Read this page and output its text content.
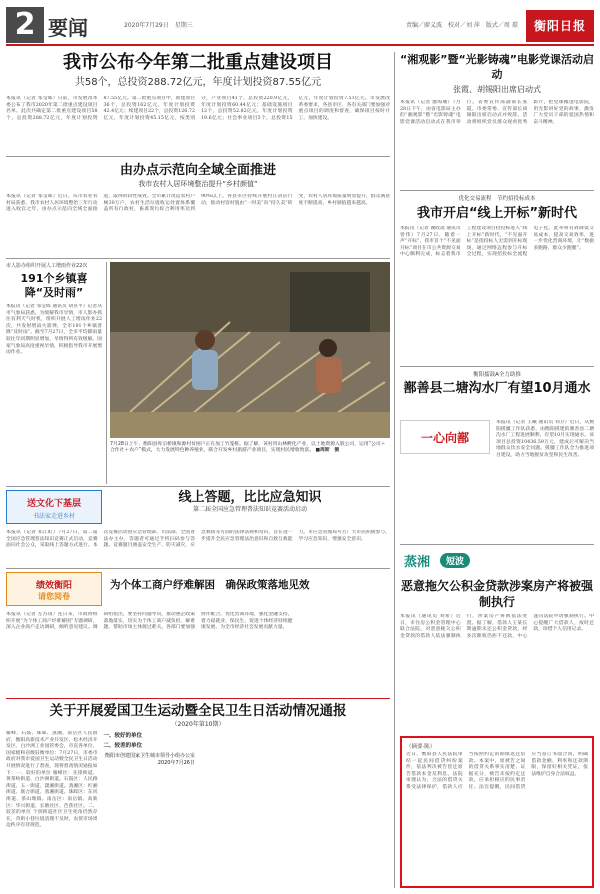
2 要闻	2020年7月29日　星期三	责编／廖义波　校对／刘 萍　版式／周 璟	衡阳日报
我市公布今年第二批重点建设项目
共58个，总投资288.72亿元，年度计划投资87.55亿元
本报讯（记者 邹莹晖）日前，市发展改革委公布了我市2020年第二批重点建设项目名单。此次共确定第二批重点建设项目58个，总投资288.72亿元，年度计划投资87.55亿元。第二批重点项目中，新建项目36个，总投资162亿元，年度计划投资42.4亿元；续建项目22个，总投资126.72亿元，年度计划投资45.15亿元。按类别分，产业项目41个，总投资220.9亿元，年度计划投资60.44亿元；基础设施项目12个，总投资52.82亿元，年度计划投资19.6亿元；社会事业项目5个，总投资15亿元，年度计划投资7.51亿元。市发展改革委要求，各县市区、各有关部门要加强对重点项目的调度和督查，确保项目按时开工、加快建设。
由办点示范向全域全面推进
我市农村人居环境整治提升“乡村颜值”
本报讯（记者 邹莹晖）近日，从市农业农村局获悉，我市农村人居环境整治三年行动进入收官之年，由办点示范向全域全面推进，取得阶段性成效。全市累计改造农村户厕30万户，农村生活垃圾收运处置体系覆盖所有行政村，畜禽粪污综合利用率达到90%以上。各县市区持续开展村庄清洁行动，推动村容村貌由“一时美”向“持久美”转变，农村人居环境质量明显提升，群众满意度不断提高，乡村颜值越来越高。
市人影办组织开展人工增雨作业22次
191个乡镇喜降“及时雨”
本报讯（记者 邹莹晖 通讯员 胡亚平）记者从市气象局获悉，为缓解我市旱情，市人影办抓住有利天气时机，组织开展人工增雨作业22次，共发射增雨火箭弹，全市191个乡镇普降“及时雨”。截至7月27日，全市平均降雨量较往年同期明显增加，旱情得到有效缓解。国家气象局高度重视旱情，积极指导我市开展增雨作业。
7月28日上午，衡阳县库宗桥镇和源村贫困户正在加工竹笼框。据了解，该村用山林孵化产业，以土地资源入股公司，运用“公司＋合作社＋农户”模式，大力发展特色种养殖业，联合开发乡村旅游产业项目，实现村民增收致富。 ■周斯　摄
送文化下基层
书法家走进乡村
线上答题，比比应急知识
第二届全国应急管理普法知识竞赛活动启动
本报讯（记者 邓江虹）7月27日，第二届全国应急管理普法知识竞赛正式启动，竞赛面向社会公众，采取线上答题方式进行。本次竞赛活动由应急管理部、司法部、全国普法办主办，答题者可通过手机扫码参与答题。竞赛题目涵盖安全生产、防灾减灾、应急救援等方面的法律法规和常识，旨在进一步提升全民应急管理法治意识和自救互救能力。市应急管理局号召广大市民积极参与，学习应急知识，增强安全意识。
绩效衡阳
请您阅卷
为个体工商户纾难解困　确保政策落地见效
本报讯（记者 左苏雨）连日来，市政协组织开展“为个体工商户纾难解困”专题调研，深入企业商户走访调研，倾听意见建议。调研组指出，要坚持问题导向，推动惠企政策落地落实，切实为个体工商户减负担、解难题，帮助市场主体渡过难关。各部门要加强协作配合，优化营商环境，强化金融支持，着力稳就业、保民生，促进个体经济持续健康发展，为全市经济社会发展贡献力量。
关于开展爱国卫生运动暨全民卫生日活动情况通报
（2020年第10期）
雁峰、石鼓、珠晖、蒸湘、南岳区人民政府，衡阳高新技术产业开发区、松木经济开发区、白沙洲工业园管委会，市直各单位，国家级和省级驻衡单位：7月27日，市委市政府对我市爱国卫生运动暨全民卫生日活动开展情况进行了督查，现将督查情况通报如下：一、较好的单位 雁峰区：先锋街道、黄茶岭街道、白沙洲街道。石鼓区：人民路街道、五一街道、潇湘街道。蒸湘区：红湘街道、联合街道、蒸湘街道。珠晖区：东风街道、茶山坳镇。南岳区：南岳镇。高新区：华兴街道、长塘社区、芭蕉社区。二、较差的单位 个别街道社区卫生死角仍然存在，背街小巷垃圾清理不及时，农贸市场周边秩序有待规范。
一、较好的单位
二、较差的单位
衡阳市创建国家卫生城市领导小组办公室
2020年7月26日
“湘观影”暨“光影铸魂”电影党课活动启动
张霞、胡锡阳出席启动式
本报讯（记者 廖海珊）7月28日下午，由省电影局主办的“湘观影”暨“光影铸魂”电影党课活动启动式在我市举行。省委宣传部副部长张霞、市委常委、宣传部长胡锡阳出席启动式并致辞。活动将组织党员群众观看优秀影片，把党课搬进电影院，用光影讲好党的故事，激发广大党员干部的爱国热情和奋斗精神。
优化交易流程　节约招投标成本
我市开启“线上开标”新时代
本报讯（记者 谢政凌 通讯员 曾伟）7月27日，随着一声“开标”，我市首个“不见面开标”项目在市公共资源交易中心顺利完成，标志着我市工程建设项目招投标进入“线上开标”新时代。“不见面开标”是指投标人无需到开标现场，通过网络远程参与开标全过程，实现招投标全流程电子化。此举将有效降低交易成本，提高交易效率，进一步优化营商环境，让“数据多跑路，群众少跑腿”。
衡阳擂鼓A全力助推
鄯善县二塘沟水厂有望10月通水
一心向鄯
本报讯（记者 王曦 通讯员 刘卫）近日，从衡阳援疆工作队获悉，由衡阳援建的鄯善县二塘沟水厂工程进展顺利，有望10月实现通水。该项目总投资10436.59万元，建成后可解决当地群众饮水安全问题。援疆工作队全力推进项目建设，助力当地脱贫攻坚和民生改善。
蒸湘	短波
恶意拖欠公积金贷款涉案房产将被强制执行
本报讯（通讯员 刘希）近日，市住房公积金管理中心联合法院，对恶意拖欠公积金贷款的借款人依法强制执行，涉案房产将被依法处置。据了解，借款人王某长期逾期未还公积金贷款，经多次催收仍拒不还款，中心遂向法院申请强制执行。中心提醒广大借款人，按时还款，珍惜个人信用记录。
（摘要·陈）
近日，衡阳县人民法院审结一起民间借贷纠纷案件，依法判决被告偿还原告借款本金及利息。法院审理认为，合法的借贷关系受法律保护，借款人应当按照约定的期限返还借款。本案中，原被告之间的借贷关系事实清楚、证据充分，被告未按约定还款，应承担相应的民事责任。法官提醒，民间借贷应当签订书面合同，明确借款金额、利率和还款期限，保留好相关凭证，依法维护自身合法权益。
